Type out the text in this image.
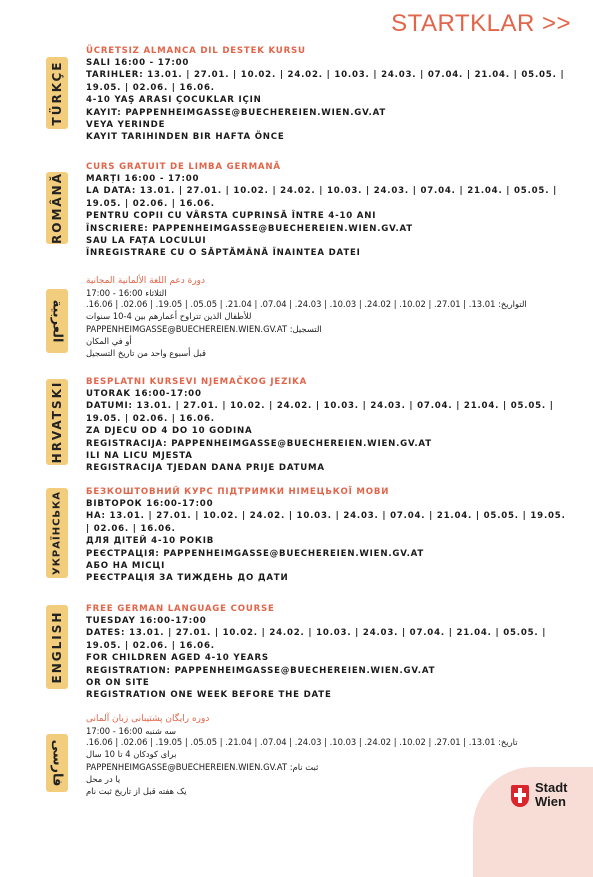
STARTKLAR >>
TÜRKÇE
ÜCRETSIZ ALMANCA DIL DESTEK KURSU
SALI 16:00 - 17:00
TARIHLER: 13.01. | 27.01. | 10.02. | 24.02. | 10.03. | 24.03. | 07.04. | 21.04. | 05.05. |
19.05. | 02.06. | 16.06.
4-10 YAŞ ARASI ÇOCUKLAR IÇIN
KAYIT: PAPPENHEIMGASSE@BUECHEREIEN.WIEN.GV.AT
VEYA YERINDE
KAYIT TARIHINDEN BIR HAFTA ÖNCE
ROMÂNĂ
CURS GRATUIT DE LIMBA GERMANĂ
MARȚI 16:00 - 17:00
LA DATA: 13.01. | 27.01. | 10.02. | 24.02. | 10.03. | 24.03. | 07.04. | 21.04. | 05.05. |
19.05. | 02.06. | 16.06.
PENTRU COPII CU VÂRSTA CUPRINSĂ ÎNTRE 4-10 ANI
ÎNSCRIERE: PAPPENHEIMGASSE@BUECHEREIEN.WIEN.GV.AT
SAU LA FAȚA LOCULUI
ÎNREGISTRARE CU O SĂPTĂMÂNĂ ÎNAINTEA DATEI
العربية
دورة دعم اللغة الألمانية المجانية
الثلاثاء 16:00 - 17:00
التواريخ: 13.01. | 27.01. | 10.02. | 24.02. | 10.03. | 24.03. | 07.04. | 21.04. | 05.05. | 19.05. | 02.06. | 16.06.
للأطفال الذين تتراوح أعمارهم بين 4-10 سنوات
التسجيل: PAPPENHEIMGASSE@BUECHEREIEN.WIEN.GV.AT
أو في المكان
قبل أسبوع واحد من تاريخ التسجيل
HRVATSKI	BESPLATNI KURSEVI NJEMAČKOG JEZIKA
UTORAK 16:00-17:00
DATUMI: 13.01. | 27.01. | 10.02. | 24.02. | 10.03. | 24.03. | 07.04. | 21.04. | 05.05. |
19.05. | 02.06. | 16.06.
ZA DJECU OD 4 DO 10 GODINA
REGISTRACIJA: PAPPENHEIMGASSE@BUECHEREIEN.WIEN.GV.AT
ILI NA LICU MJESTA
REGISTRACIJA TJEDAN DANA PRIJE DATUMA
УКРАЇНСЬКА	БЕЗКОШТОВНИЙ КУРС ПІДТРИМКИ НІМЕЦЬКОЇ МОВИ
ВІВТОРОК 16:00-17:00
НА: 13.01. | 27.01. | 10.02. | 24.02. | 10.03. | 24.03. | 07.04. | 21.04. | 05.05. | 19.05.
| 02.06. | 16.06.
ДЛЯ ДІТЕЙ 4-10 РОКІВ
РЕЄСТРАЦІЯ: PAPPENHEIMGASSE@BUECHEREIEN.WIEN.GV.AT
АБО НА МІСЦІ
РЕЄСТРАЦІЯ ЗА ТИЖДЕНЬ ДО ДАТИ
ENGLISH
FREE GERMAN LANGUAGE COURSE
TUESDAY 16:00-17:00
DATES: 13.01. | 27.01. | 10.02. | 24.02. | 10.03. | 24.03. | 07.04. | 21.04. | 05.05. |
19.05. | 02.06. | 16.06.
FOR CHILDREN AGED 4-10 YEARS
REGISTRATION: PAPPENHEIMGASSE@BUECHEREIEN.WIEN.GV.AT
OR ON SITE
REGISTRATION ONE WEEK BEFORE THE DATE
فارسی
دوره رایگان پشتیبانی زبان آلمانی
سه شنبه 16:00 - 17:00
تاریخ: 13.01. | 27.01. | 10.02. | 24.02. | 10.03. | 24.03. | 07.04. | 21.04. | 05.05. | 19.05. | 02.06. | 16.06.
برای کودکان 4 تا 10 سال
ثبت نام: PAPPENHEIMGASSE@BUECHEREIEN.WIEN.GV.AT
یا در محل
یک هفته قبل از تاریخ ثبت نام	Stadt
Wien
